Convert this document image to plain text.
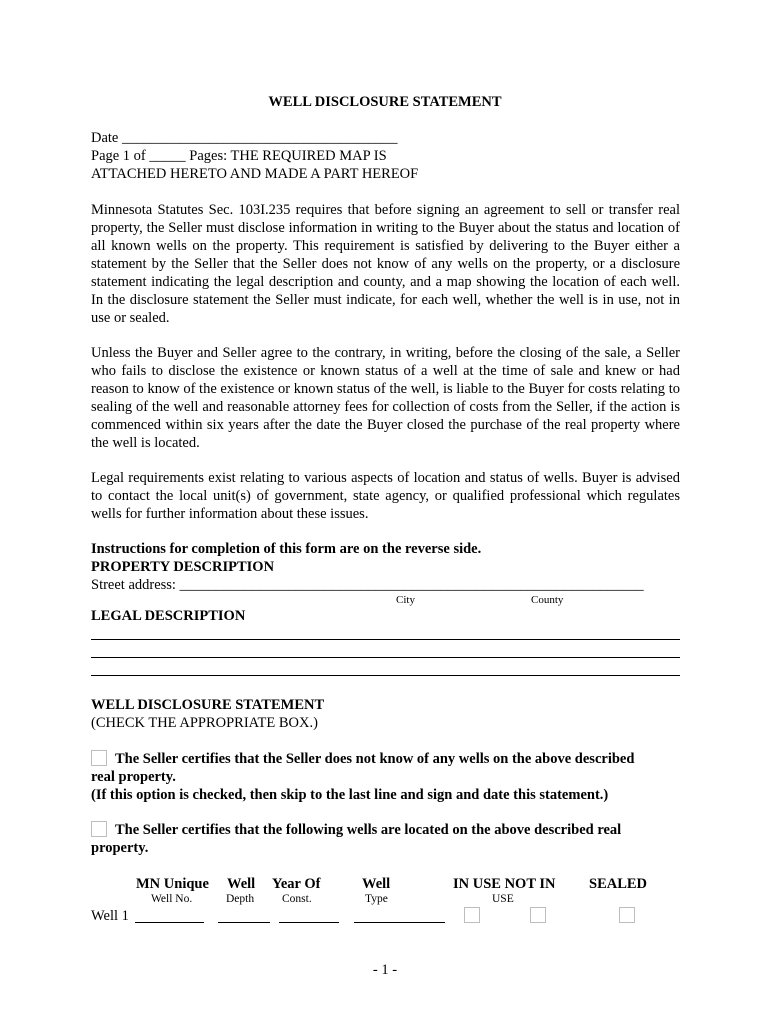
WELL DISCLOSURE STATEMENT
Date ______________________________________
Page 1 of _____ Pages: THE REQUIRED MAP IS
ATTACHED HERETO AND MADE A PART HEREOF
Minnesota Statutes Sec. 103I.235 requires that before signing an agreement to sell or transfer real property, the Seller must disclose information in writing to the Buyer about the status and location of all known wells on the property. This requirement is satisfied by delivering to the Buyer either a statement by the Seller that the Seller does not know of any wells on the property, or a disclosure statement indicating the legal description and county, and a map showing the location of each well. In the disclosure statement the Seller must indicate, for each well, whether the well is in use, not in use or sealed.
Unless the Buyer and Seller agree to the contrary, in writing, before the closing of the sale, a Seller who fails to disclose the existence or known status of a well at the time of sale and knew or had reason to know of the existence or known status of the well, is liable to the Buyer for costs relating to sealing of the well and reasonable attorney fees for collection of costs from the Seller, if the action is commenced within six years after the date the Buyer closed the purchase of the real property where the well is located.
Legal requirements exist relating to various aspects of location and status of wells. Buyer is advised to contact the local unit(s) of government, state agency, or qualified professional which regulates wells for further information about these issues.
Instructions for completion of this form are on the reverse side.
PROPERTY DESCRIPTION
Street address: ________________________________________________________________
City	County
LEGAL DESCRIPTION
WELL DISCLOSURE STATEMENT
(CHECK THE APPROPRIATE BOX.)
The Seller certifies that the Seller does not know of any wells on the above described
real property.
(If this option is checked, then skip to the last line and sign and date this statement.)
The Seller certifies that the following wells are located on the above described real
property.
MN Unique
Well No.
Well
Depth
Year Of
Const.
Well
Type
IN USE NOT IN
USE
SEALED
Well 1
- 1 -
